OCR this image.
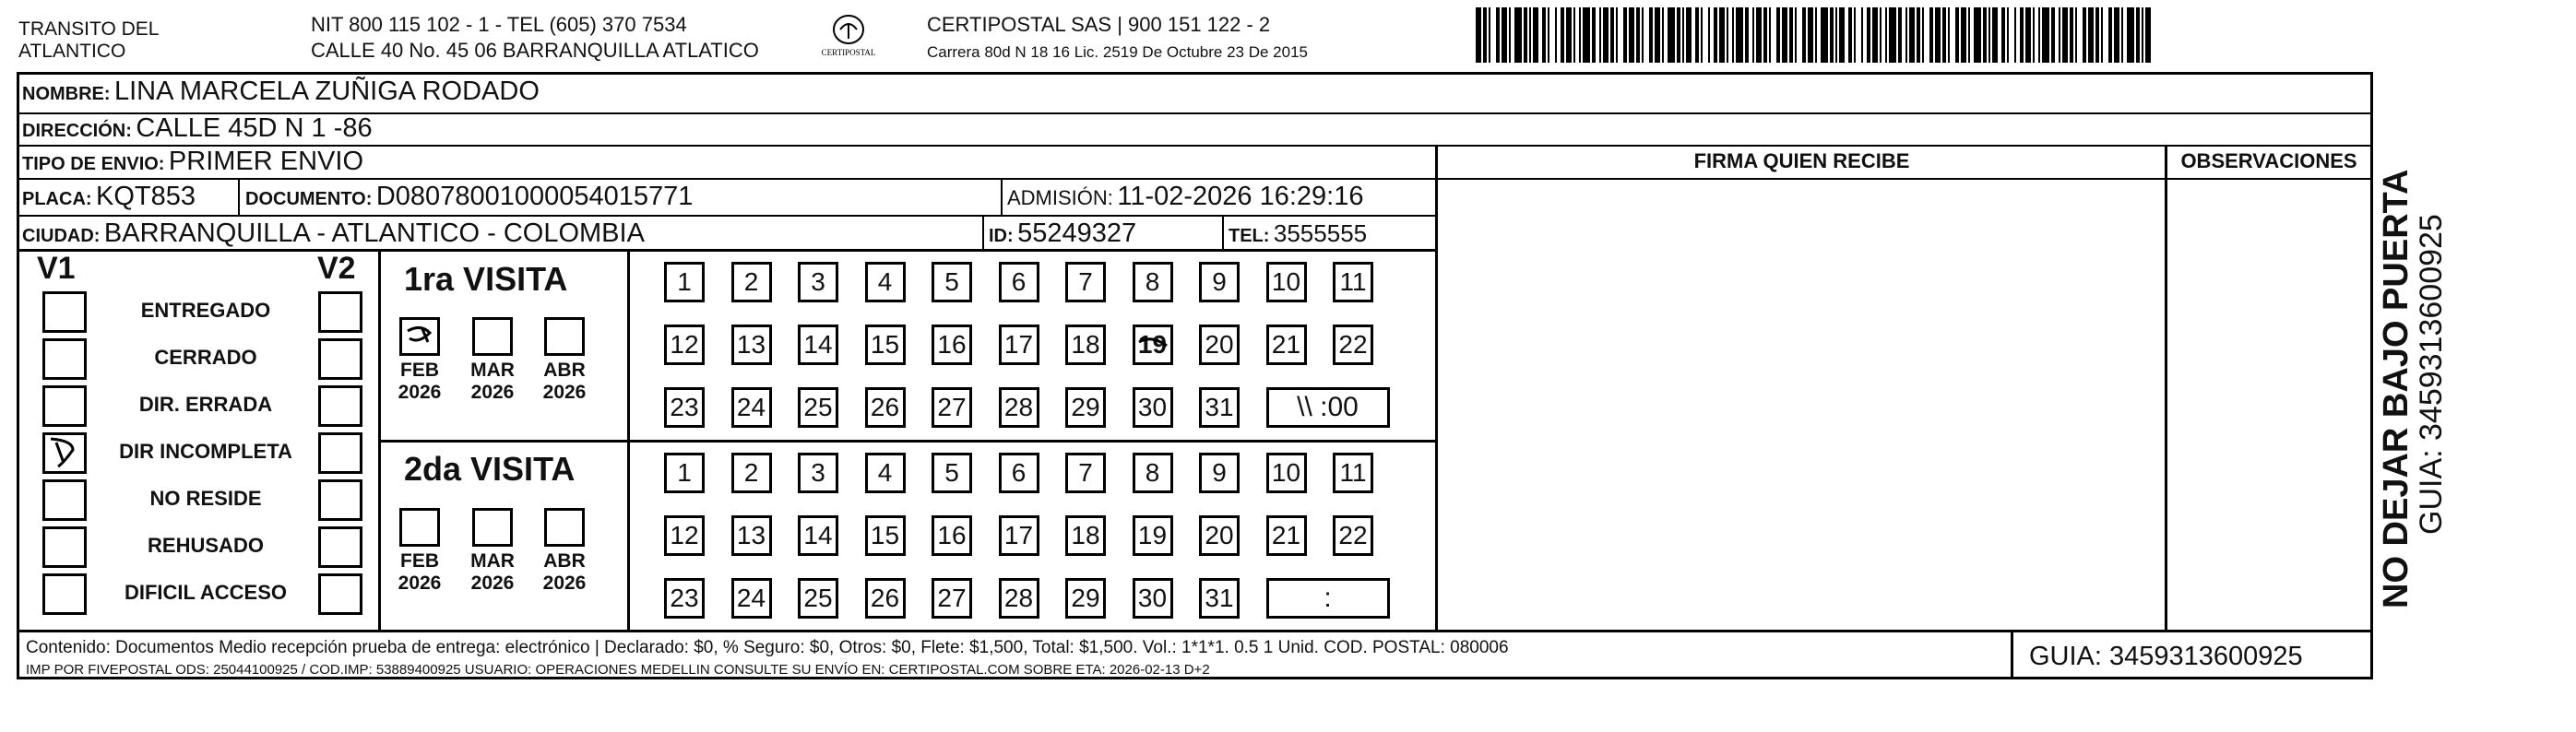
TRANSITO DEL
ATLANTICO
NIT 800 115 102 - 1 - TEL (605) 370 7534
CALLE 40 No. 45 06 BARRANQUILLA ATLATICO	CERTIPOSTAL
CERTIPOSTAL SAS | 900 151 122 - 2
Carrera 80d N 18 16 Lic. 2519 De Octubre 23 De 2015
NOMBRE: LINA MARCELA ZUÑIGA RODADO
DIRECCIÓN: CALLE 45D N 1 -86
TIPO DE ENVIO: PRIMER ENVIO
PLACA: KQT853	DOCUMENTO: D08078001000054015771	ADMISIÓN: 11-02-2026 16:29:16
CIUDAD: BARRANQUILLA - ATLANTICO - COLOMBIA	ID: 55249327	TEL: 3555555
FIRMA QUIEN RECIBE	OBSERVACIONES
V1	V2
ENTREGADO
CERRADO
DIR. ERRADA
DIR INCOMPLETA
NO RESIDE
REHUSADO
DIFICIL ACCESO
1ra VISITA
FEB
2026
MAR
2026
ABR
2026
1	2	3	4	5	6	7	8	9	10 11
12 13 14 15 16 17 18 19 20 21 22
23 24 25 26 27 28 29 30 31	\\ :00
2da VISITA
FEB
2026
MAR
2026
ABR
2026
1	2	3	4	5	6	7	8	9	10 11
12 13 14 15 16 17 18 19 20 21 22
23 24 25 26 27 28 29 30 31	:
Contenido: Documentos Medio recepción prueba de entrega: electrónico | Declarado: $0, % Seguro: $0, Otros: $0, Flete: $1,500, Total: $1,500. Vol.: 1*1*1. 0.5 1 Unid. COD. POSTAL: 080006
IMP POR FIVEPOSTAL ODS: 25044100925 / COD.IMP: 53889400925 USUARIO: OPERACIONES MEDELLIN CONSULTE SU ENVÍO EN: CERTIPOSTAL.COM SOBRE ETA: 2026-02-13 D+2	GUIA: 3459313600925
NO DEJAR BAJO PUERTA
GUIA: 3459313600925
